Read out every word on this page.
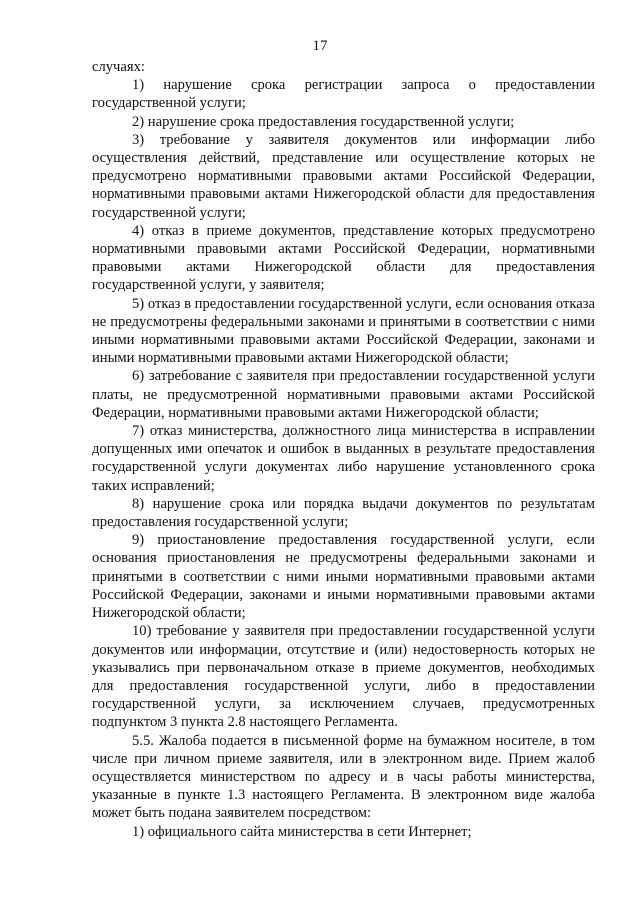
17

случаях:

1) нарушение срока регистрации запроса о предоставлении государственной услуги;

2) нарушение срока предоставления государственной услуги;

3) требование у заявителя документов или информации либо осуществления действий, представление или осуществление которых не предусмотрено нормативными правовыми актами Российской Федерации, нормативными правовыми актами Нижегородской области для предоставления государственной услуги;

4) отказ в приеме документов, представление которых предусмотрено нормативными правовыми актами Российской Федерации, нормативными правовыми актами Нижегородской области для предоставления государственной услуги, у заявителя;

5) отказ в предоставлении государственной услуги, если основания отказа не предусмотрены федеральными законами и принятыми в соответствии с ними иными нормативными правовыми актами Российской Федерации, законами и иными нормативными правовыми актами Нижегородской области;

6) затребование с заявителя при предоставлении государственной услуги платы, не предусмотренной нормативными правовыми актами Российской Федерации, нормативными правовыми актами Нижегородской области;

7) отказ министерства, должностного лица министерства в исправлении допущенных ими опечаток и ошибок в выданных в результате предоставления государственной услуги документах либо нарушение установленного срока таких исправлений;

8) нарушение срока или порядка выдачи документов по результатам предоставления государственной услуги;

9) приостановление предоставления государственной услуги, если основания приостановления не предусмотрены федеральными законами и принятыми в соответствии с ними иными нормативными правовыми актами Российской Федерации, законами и иными нормативными правовыми актами Нижегородской области;

10) требование у заявителя при предоставлении государственной услуги документов или информации, отсутствие и (или) недостоверность которых не указывались при первоначальном отказе в приеме документов, необходимых для предоставления государственной услуги, либо в предоставлении государственной услуги, за исключением случаев, предусмотренных подпунктом 3 пункта 2.8 настоящего Регламента.

5.5. Жалоба подается в письменной форме на бумажном носителе, в том числе при личном приеме заявителя, или в электронном виде. Прием жалоб осуществляется министерством по адресу и в часы работы министерства, указанные в пункте 1.3 настоящего Регламента. В электронном виде жалоба может быть подана заявителем посредством:

1) официального сайта министерства в сети Интернет;
